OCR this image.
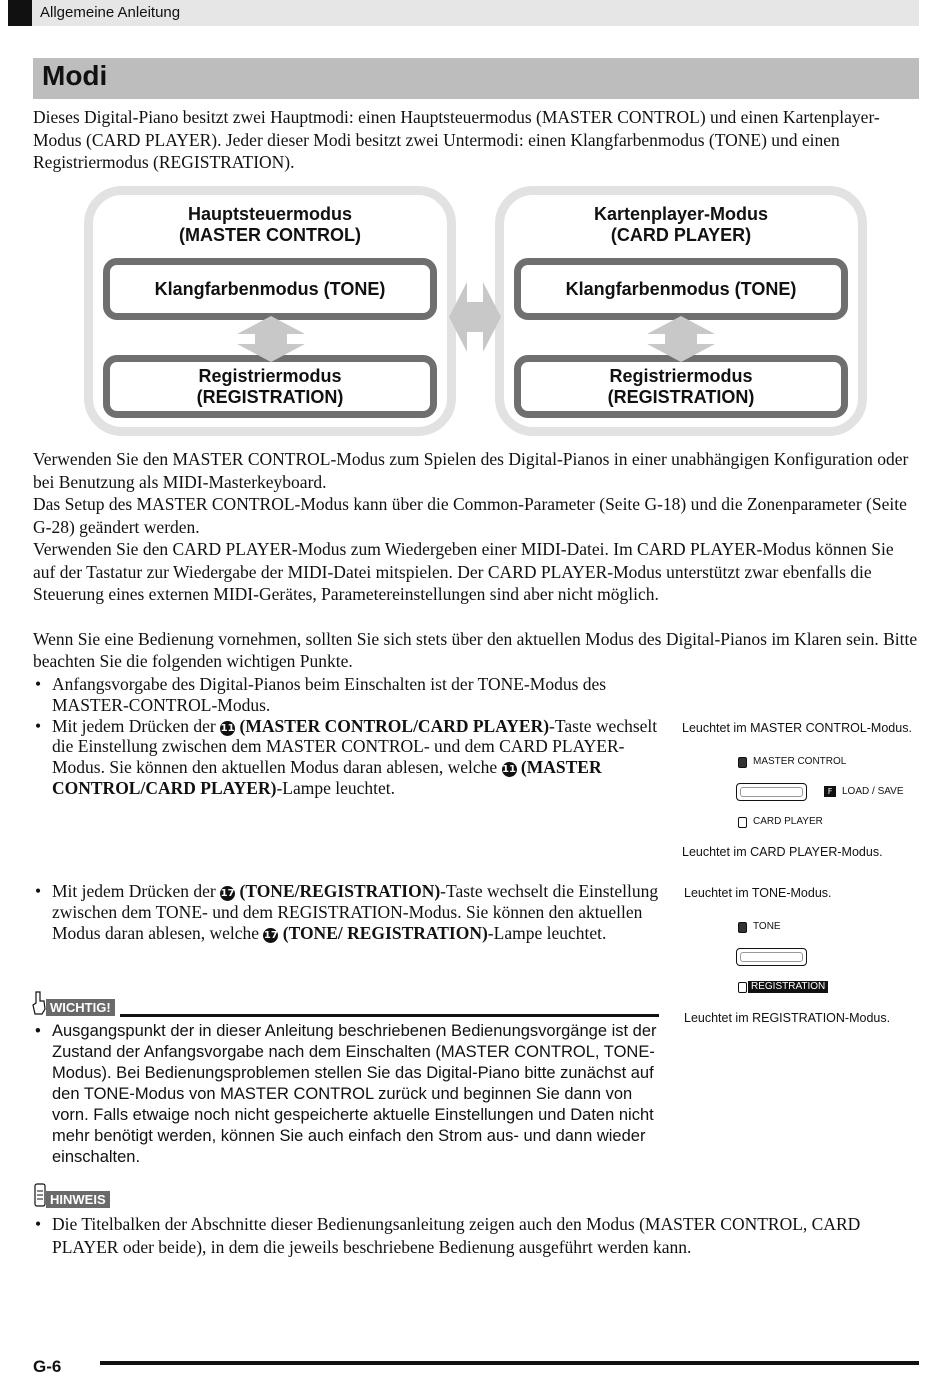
Allgemeine Anleitung
Modi

Dieses Digital-Piano besitzt zwei Hauptmodi: einen Hauptsteuermodus (MASTER CONTROL) und einen Kartenplayer-Modus (CARD PLAYER). Jeder dieser Modi besitzt zwei Untermodi: einen Klangfarbenmodus (TONE) und einen Registriermodus (REGISTRATION).

Hauptsteuermodus
(MASTER CONTROL)
Klangfarbenmodus (TONE)
Registriermodus
(REGISTRATION)
Kartenplayer-Modus
(CARD PLAYER)
Klangfarbenmodus (TONE)
Registriermodus
(REGISTRATION)

Verwenden Sie den MASTER CONTROL-Modus zum Spielen des Digital-Pianos in einer unabhängigen Konfiguration oder bei Benutzung als MIDI-Masterkeyboard.

Das Setup des MASTER CONTROL-Modus kann über die Common-Parameter (Seite G-18) und die Zonenparameter (Seite G-28) geändert werden.

Verwenden Sie den CARD PLAYER-Modus zum Wiedergeben einer MIDI-Datei. Im CARD PLAYER-Modus können Sie auf der Tastatur zur Wiedergabe der MIDI-Datei mitspielen. Der CARD PLAYER-Modus unterstützt zwar ebenfalls die Steuerung eines externen MIDI-Gerätes, Parametereinstellungen sind aber nicht möglich.

Wenn Sie eine Bedienung vornehmen, sollten Sie sich stets über den aktuellen Modus des Digital-Pianos im Klaren sein. Bitte beachten Sie die folgenden wichtigen Punkte.

• Anfangsvorgabe des Digital-Pianos beim Einschalten ist der TONE-Modus des MASTER-CONTROL-Modus.
• Mit jedem Drücken der 11 (MASTER CONTROL/CARD PLAYER)-Taste wechselt die Einstellung zwischen dem MASTER CONTROL- und dem CARD PLAYER-Modus. Sie können den aktuellen Modus daran ablesen, welche 11 (MASTER CONTROL/CARD PLAYER)-Lampe leuchtet.
Leuchtet im MASTER CONTROL-Modus.
MASTER CONTROL
F LOAD / SAVE
CARD PLAYER
Leuchtet im CARD PLAYER-Modus.
• Mit jedem Drücken der 17 (TONE/REGISTRATION)-Taste wechselt die Einstellung zwischen dem TONE- und dem REGISTRATION-Modus. Sie können den aktuellen Modus daran ablesen, welche 17 (TONE/ REGISTRATION)-Lampe leuchtet.
Leuchtet im TONE-Modus.
TONE
REGISTRATION
Leuchtet im REGISTRATION-Modus.
WICHTIG!
• Ausgangspunkt der in dieser Anleitung beschriebenen Bedienungsvorgänge ist der Zustand der Anfangsvorgabe nach dem Einschalten (MASTER CONTROL, TONE-Modus). Bei Bedienungsproblemen stellen Sie das Digital-Piano bitte zunächst auf den TONE-Modus von MASTER CONTROL zurück und beginnen Sie dann von vorn. Falls etwaige noch nicht gespeicherte aktuelle Einstellungen und Daten nicht mehr benötigt werden, können Sie auch einfach den Strom aus- und dann wieder einschalten.
HINWEIS
• Die Titelbalken der Abschnitte dieser Bedienungsanleitung zeigen auch den Modus (MASTER CONTROL, CARD PLAYER oder beide), in dem die jeweils beschriebene Bedienung ausgeführt werden kann.
G-6
